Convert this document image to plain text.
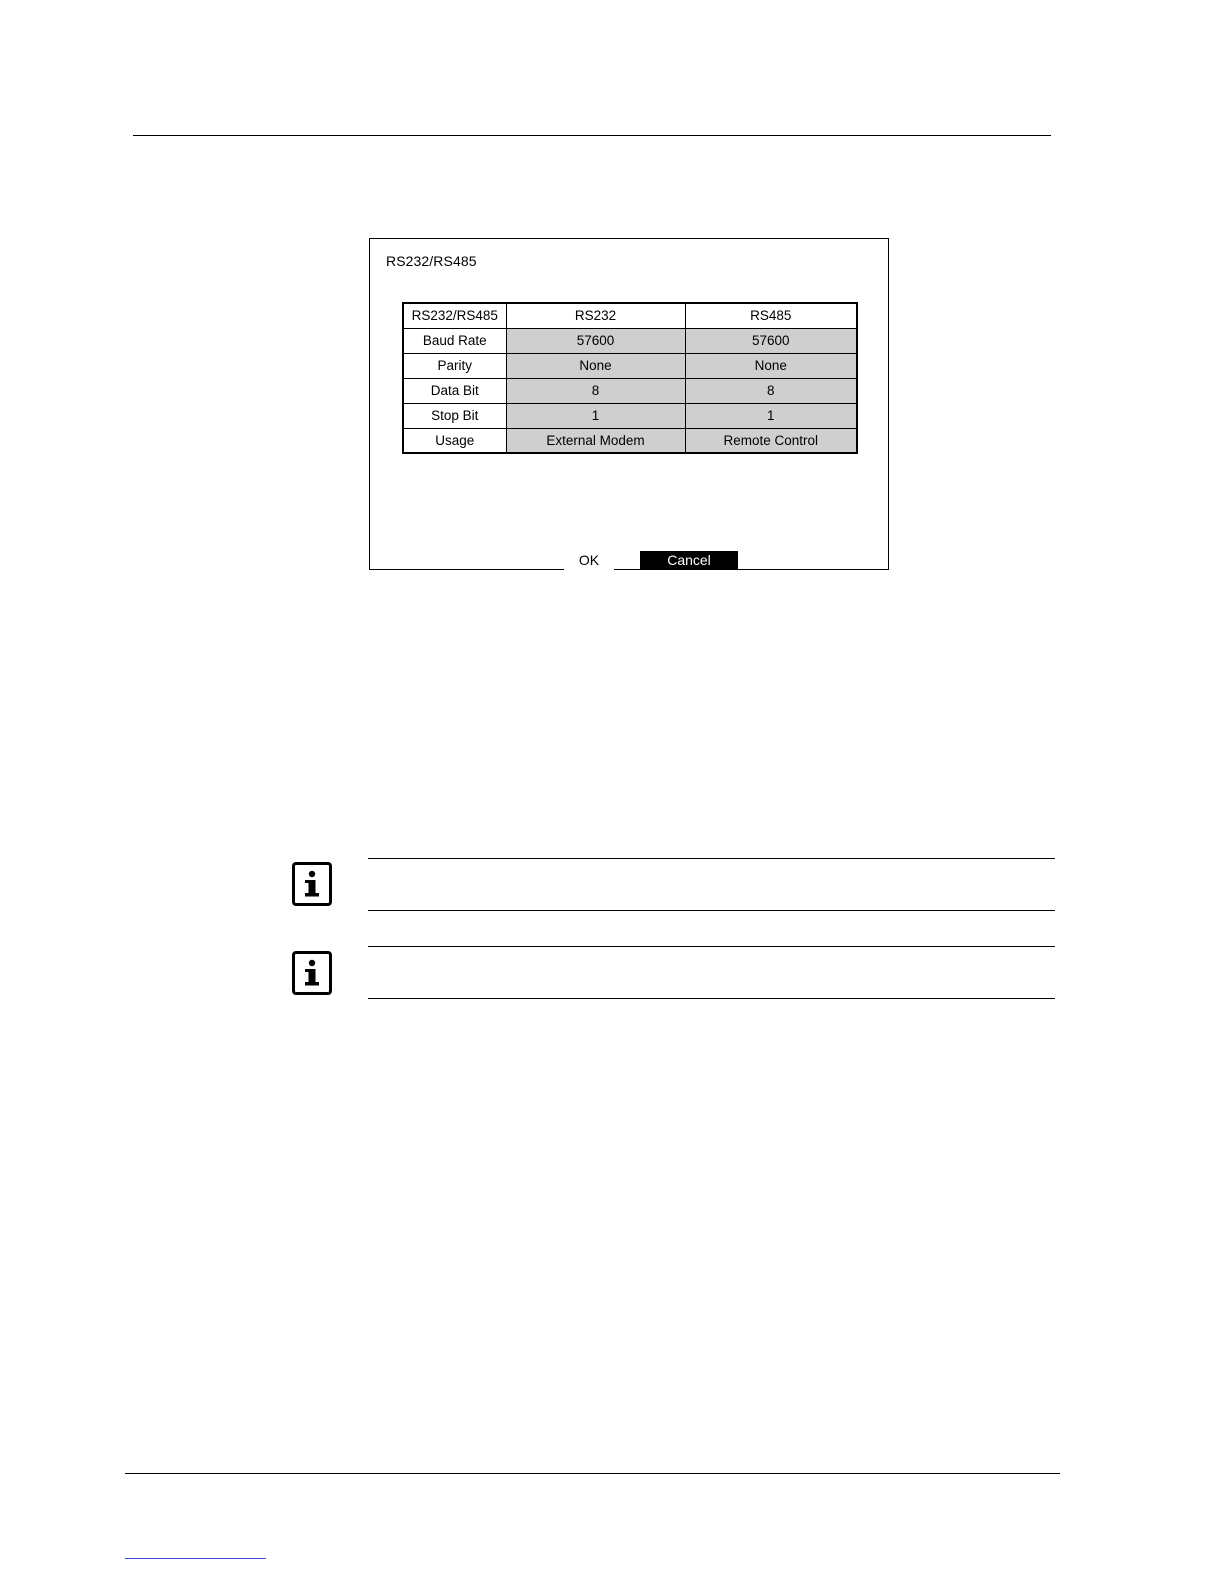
RS232/RS485
RS232/RS485	RS232	RS485
Baud Rate	57600	57600
Parity	None	None
Data Bit	8	8
Stop Bit	1	1
Usage	External Modem	Remote Control
OK	Cancel
